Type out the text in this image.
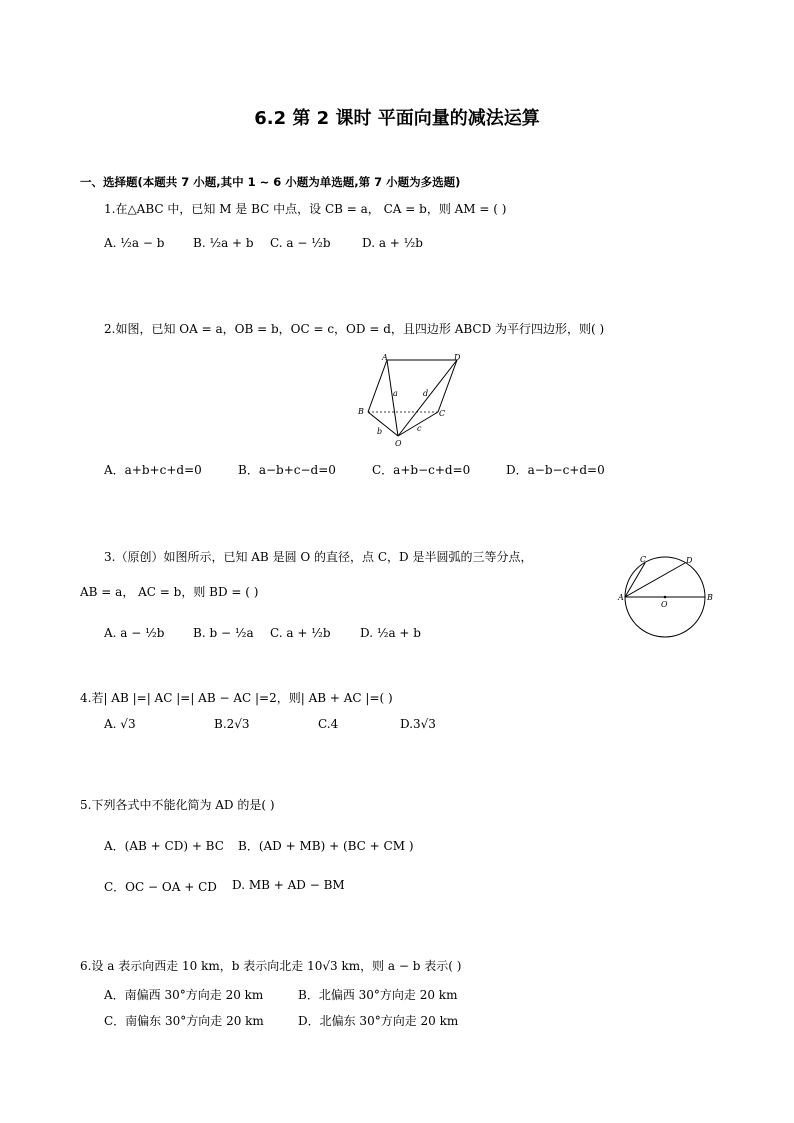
6.2 第 2 课时 平面向量的减法运算
一、选择题(本题共 7 小题,其中 1 ~ 6 小题为单选题,第 7 小题为多选题)
1.在△ABC 中，已知 M 是 BC 中点，设 CB = a， CA = b，则 AM = ( )
A. ½a − b B. ½a + b C. a − ½b	D. a + ½b
2.如图，已知 OA = a，OB = b，OC = c，OD = d，且四边形 ABCD 为平行四边形，则( )
A	D
a	d
B	C
b	c
O
A．a+b+c+d=0	B．a−b+c−d=0	C．a+b−c+d=0	D．a−b−c+d=0
3.（原创）如图所示，已知 AB 是圆 O 的直径，点 C，D 是半圆弧的三等分点，
AB = a， AC = b，则 BD = ( )
C	D
A
O
B
A. a − ½b B. b − ½a C. a + ½b D. ½a + b
4.若| AB |=| AC |=| AB − AC |=2，则| AB + AC |=( )
A. √3	B.2√3	C.4	D.3√3
5.下列各式中不能化简为 AD 的是( )
A．(AB + CD) + BC B．(AD + MB) + (BC + CM )
C．OC − OA + CD D. MB + AD − BM
6.设 a 表示向西走 10 km，b 表示向北走 10√3 km，则 a − b 表示( )
A．南偏西 30°方向走 20 km	B．北偏西 30°方向走 20 km
C．南偏东 30°方向走 20 km	D．北偏东 30°方向走 20 km
